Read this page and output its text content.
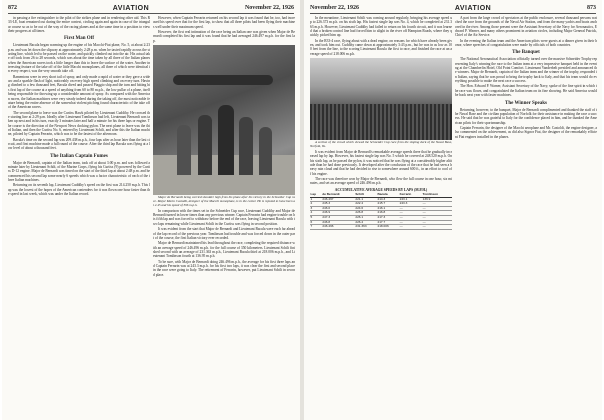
872	AVIATION	November 22, 1926

in passing a fire extinguisher to the pilot of the strikes plane and in rendering other aid. This R33-LE, boat remained out during the entire contest, circling again and again in case of the triangular course so as to be out of the way of the racing planes and at the same time in a position to view their progress at all times.

First Man Off

Lieutenant Bacula began warming up the engine of his Macchi-Fiat plane, No. 5, at about 2:23 p.m. and was let down the slipway at approximately 2:28 p.m. when he taxied rapidly across the starting line, which led to be passed on the water, and quickly climbed out into the air. His actual take off took from 26 to 28 seconds, which was about the time taken by all three of the Italian planes when the American racers took a little longer than this to leave the surface of the water. Another interesting feature of the take off of the little Macchi monoplanes, all three of which were identical in every respect, was the very smooth take off.

Ramentons were in very short tail of spray, and only made a rapid of water or they gave a wide arc and a sparkle flash of light, noticeably on every high speed climbing and on every turn. Having climbed to a few thousand feet, Bacula dived and passed Piaggio ship and the turn and hitting his first lap of the course at a speed of anything from 60 to 80 m.p.h., the low pullar of a plane, itself being responsible for throwing up a considerable amount of spray. As compared with the American racers, the Italian machines were very steady indeed during the taking off, the most noticeable feature being the entire absence of the somewhat violent pitching found characteristic of the take off of the American racers.

The second plane to leave was the Curtiss Hawk piloted by Lieutenant Cuddihy. He crossed the starting line at 2:29 p.m. Ideally after Lieutenant Tomlinson had left, Lieutenant Bernardi was taken up next and in his turn, exactly 3 minutes later and half a minute for his three laps or engine. The course is the direction of the Newport News docking pylon. The next plane to leave was the third Italian, and then the Curtiss No. 6, entered by Lieutenant Schilt, and after this the Italian machine, piloted by Captain Ferrarin, which was to be the fastest of the afternoon.

Bacula's time on the second lap was 209.438 m.p.h., four laps after as hour later than the last circuit, and first machine made a full round of the course. After the third lap Bacula was flying at a low level of about a thousand feet.

The Italian Captain Fumes

Major de Bernardi, captain of the Italian team, took off at about 3:00 p.m. and was followed a minute later by Lieutenant Schilt, of the Marine Corps, flying his Curtiss (9) powered by the Curtiss D-12 engine. Major de Bernardi was timed on the start of the third lap at about 2:48 p.m. and he commenced his second lap some nearly 6 speeds which was a factor characteristic of each of the three Italian machines.

Returning on its seventh lap, Lieutenant Cuddihy's speed on the first was 214.250 m.p.h. This lap was the lowest of the hopes of the American contenders for it was flown one hour faster than the speed in last week, which was under the Italian record.

However, when Captain Ferrarin returned on his second lap it was found that he, too, had increased his speed over that for the first lap, to show that all three pilots had been flying their machines well under their maximum speed.

However, the first real intimation of the race being an Italian one was given when Major de Bernardi completed his first lap and it was found that he had averaged 246.497 m.p.h. for the first lap.

Major de Bernardi being carried shoulder high from his plane after his victory in the Schneider Cup race. Major Mario Castoldi, designer of the Macchi monoplane, is in the center. He is reputed to have been at 2.45 and his speed of 396 m.p.h.

In comparison with the times set in the Schneider Cup race, Lieutenant Cuddihy and Major de Bernardi turned in lower times than any previous winner. Captain Ferrarin had engine trouble on his fifth lap and was forced to withdraw before the end of the race, leaving Lieutenant Bacula with two laps remaining while Lieutenant Schilt in the Curtiss was flying in second position.

It was evident from the start that Major de Bernardi and Lieutenant Bacula were each far ahead of the lap record of the previous year. Tomlinson had trouble and was forced down in the outer part of the course, the first Italian victory ever recorded.

Major de Bernardi maintained his lead throughout the race, completing the required distance with an average speed of 246.496 m.p.h. for the full course of 350 kilometers. Lieutenant Schilt finished second with an average of 231.363 m.p.h., Lieutenant Bacula third at 218.006 m.p.h., and Lieutenant Tomlinson fourth at 136.95 m.p.h.

To be sure, with Major de Bernardi doing 246.496 m.p.h., the average for his first three laps and Captain Ferrarin was at 243.3 m.p.h. for his first two laps, it was clear the first and second place in the race were going to Italy. The retirement of Ferrarin, however, put Lieutenant Schilt in second place.

November 22, 1926	AVIATION	873

In the meantime, Lieutenant Schilt was coming around regularly, bringing his average speed up to 226.373 m.p.h. on his sixth lap. His fastest single lap was No. 4, which he completed at 231.363 m.p.h. However, Lieutenant Cuddihy had failed to return on his fourth circuit, and it was learned that a broken control line had forced him to alight in the river off Hampton Roads, where they quickly picked him up.

In the R33-4 race, flying about with a dead engine, on reasons for which have already been given, and took him out. Cuddihy came down at approximately 3:43 p.m., but he was in as low as 100 feet from the line, to the scoring Lieutenant Bacula the first to race, and finished the race at an average speed of 218.006 m.p.h.

A section of the crowd which viewed the Schneider Cup race from the sloping deck of the Naval Base, Norfolk, Va.

It was evident from Major de Bernardi's remarkable average speeds there that he gradually increased lap by lap. However, his fastest single lap was No. 5 which he covered at 248.520 m.p.h. On his sixth lap, as he passed the pylon, it was noticed that he was flying at a considerably higher altitude than he had done previously. It developed after the conclusion of the race that he had seen a heavy rain cloud and that he had decided to rise to somewhere around 600 ft., in an effort to cool off his engine.

The race was therefore won by Major de Bernardi, who flew the full course in one hour, six minutes, and set an average speed of 246.496 m.p.h.

ACCUMULATIVE AVERAGE SPEEDS BY LAPS (M.P.H.)
Lap	de Bernardi	Schilt	Bacula	Ferrarin	Tomlinson
1	246.497	221.1	214.3	243.1	136.9
2	245.3	222.4	215.7	243.3	—
3	246.0	224.6	216.1	—	—
4	246.9	226.8	216.8	—	—
5	247.3	226.1	217.3	—	—
6	246.8	226.4	217.7	—	—
7	246.496	231.363	218.006	—	—

A part from the large crowd of spectators at the public enclosure, several thousand persons watched the race from the grounds of the Naval Air Station, and from the many yachts and boats anchored in the river. Among those present were the Assistant Secretary of the Navy for Aeronautics, Edward P. Warner, and many others prominent in aviation circles, including Major General Patrick, Chief of the Air Service.

In the evening the Italian team and the American pilots were guests at a dinner given in their honor, where speeches of congratulation were made by officials of both countries.

The Banquet

The National Aeronautical Association officially turned over the massive Schneider Trophy representing Italy's winning the race to the Italian team at a very impressive banquet held in the evening at the Chamberlin Hotel, Old Point Comfort. Lieutenant Vanderbelt presided and announced the winners. Major de Bernardi, captain of the Italian team and the winner of the trophy, responded in Italian, saying that he was proud to bring the trophy back to Italy, and that his team would do everything possible to make the next race a success.

The Hon. Edward P. Warner, Assistant Secretary of the Navy, spoke of the fine spirit in which the race was flown, and congratulated the Italian team on its fine showing. He said America would be back next year with faster machines.

The Winner Speaks

Returning, however, to the banquet, Major de Bernardi complimented and thanked the staff of the Naval Base and the civilian population of Norfolk for their assistance in making the race a success. He said that he was grateful to Italy for the confidence placed in him, and he thanked the American pilots for their sportsmanship.

Captain Ferrarin, the designer of the Macchi aeroplane and Mr. Castoldi, the engine designer, also commented on the achievement, as did also Signor Fiat, the designer of the remarkably efficient Fiat engines installed in the planes.
